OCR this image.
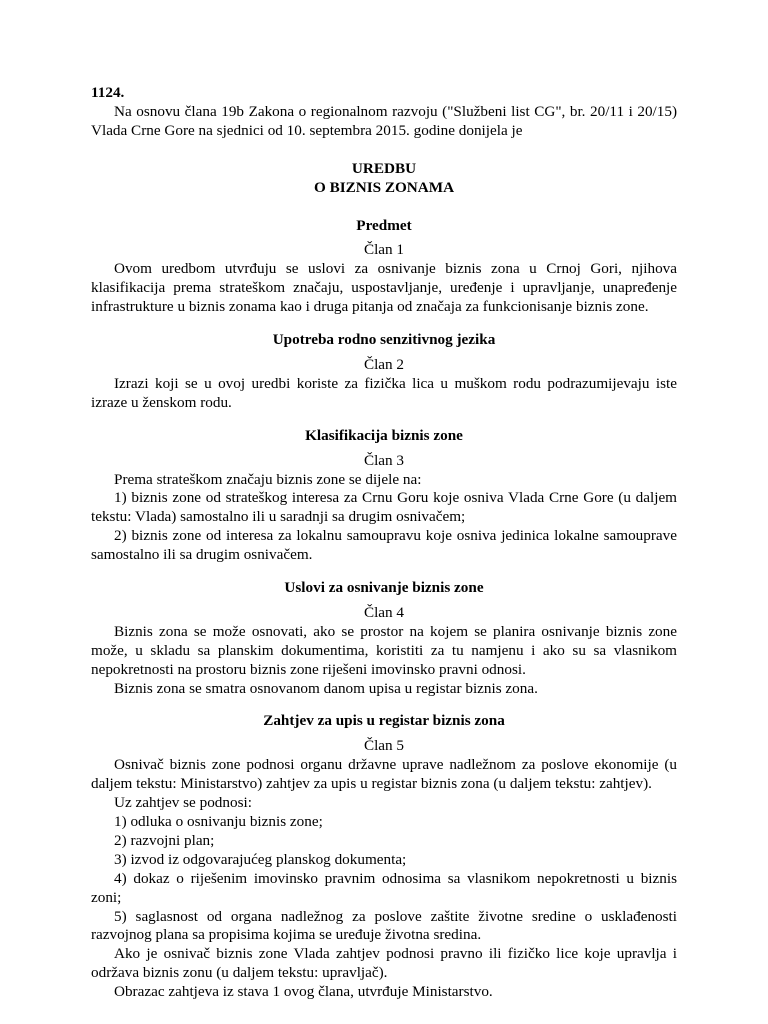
1124.

Na osnovu člana 19b Zakona o regionalnom razvoju ("Službeni list CG", br. 20/11 i 20/15) Vlada Crne Gore na sjednici od 10. septembra 2015. godine donijela je

UREDBU
O BIZNIS ZONAMA
Predmet
Član 1

Ovom uredbom utvrđuju se uslovi za osnivanje biznis zona u Crnoj Gori, njihova klasifikacija prema strateškom značaju, uspostavljanje, uređenje i upravljanje, unapređenje infrastrukture u biznis zonama kao i druga pitanja od značaja za funkcionisanje biznis zone.

Upotreba rodno senzitivnog jezika
Član 2

Izrazi koji se u ovoj uredbi koriste za fizička lica u muškom rodu podrazumijevaju iste izraze u ženskom rodu.

Klasifikacija biznis zone
Član 3

Prema strateškom značaju biznis zone se dijele na:

1) biznis zone od strateškog interesa za Crnu Goru koje osniva Vlada Crne Gore (u daljem tekstu: Vlada) samostalno ili u saradnji sa drugim osnivačem;

2) biznis zone od interesa za lokalnu samoupravu koje osniva jedinica lokalne samouprave samostalno ili sa drugim osnivačem.

Uslovi za osnivanje biznis zone
Član 4

Biznis zona se može osnovati, ako se prostor na kojem se planira osnivanje biznis zone može, u skladu sa planskim dokumentima, koristiti za tu namjenu i ako su sa vlasnikom nepokretnosti na prostoru biznis zone riješeni imovinsko pravni odnosi.

Biznis zona se smatra osnovanom danom upisa u registar biznis zona.

Zahtjev za upis u registar biznis zona
Član 5

Osnivač biznis zone podnosi organu državne uprave nadležnom za poslove ekonomije (u daljem tekstu: Ministarstvo) zahtjev za upis u registar biznis zona (u daljem tekstu: zahtjev).

Uz zahtjev se podnosi:

1) odluka o osnivanju biznis zone;

2) razvojni plan;

3) izvod iz odgovarajućeg planskog dokumenta;

4) dokaz o riješenim imovinsko pravnim odnosima sa vlasnikom nepokretnosti u biznis zoni;

5) saglasnost od organa nadležnog za poslove zaštite životne sredine o usklađenosti razvojnog plana sa propisima kojima se uređuje životna sredina.

Ako je osnivač biznis zone Vlada zahtjev podnosi pravno ili fizičko lice koje upravlja i održava biznis zonu (u daljem tekstu: upravljač).

Obrazac zahtjeva iz stava 1 ovog člana, utvrđuje Ministarstvo.
